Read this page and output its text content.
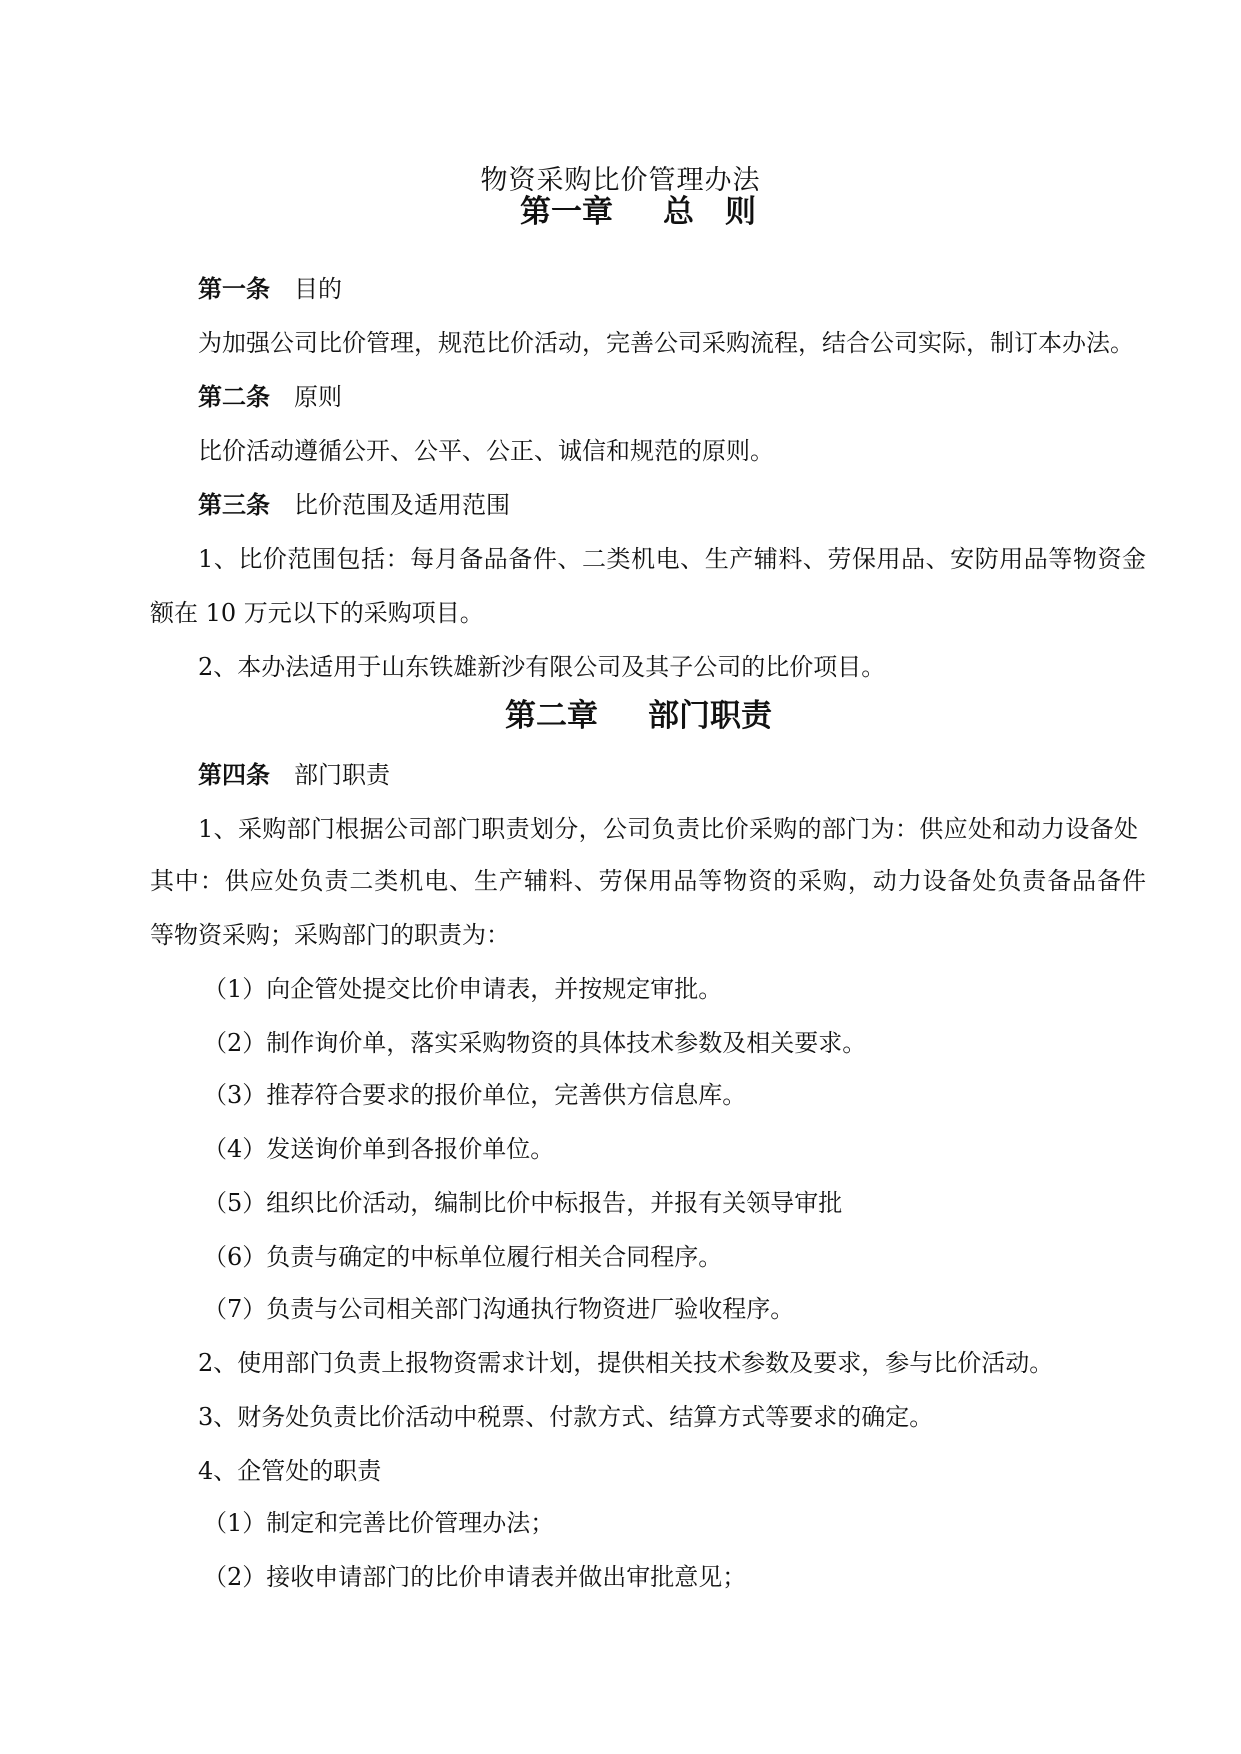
物资采购比价管理办法
第一章 总　则
第一条 目的
为加强公司比价管理，规范比价活动，完善公司采购流程，结合公司实际，制订本办法。
第二条 原则
比价活动遵循公开、公平、公正、诚信和规范的原则。
第三条 比价范围及适用范围
1、比价范围包括：每月备品备件、二类机电、生产辅料、劳保用品、安防用品等物资金
额在 10 万元以下的采购项目。
2、本办法适用于山东铁雄新沙有限公司及其子公司的比价项目。
第二章 部门职责
第四条 部门职责
1、采购部门根据公司部门职责划分，公司负责比价采购的部门为：供应处和动力设备处
其中：供应处负责二类机电、生产辅料、劳保用品等物资的采购，动力设备处负责备品备件
等物资采购；采购部门的职责为：
（1）向企管处提交比价申请表，并按规定审批。
（2）制作询价单，落实采购物资的具体技术参数及相关要求。
（3）推荐符合要求的报价单位，完善供方信息库。
（4）发送询价单到各报价单位。
（5）组织比价活动，编制比价中标报告，并报有关领导审批
（6）负责与确定的中标单位履行相关合同程序。
（7）负责与公司相关部门沟通执行物资进厂验收程序。
2、使用部门负责上报物资需求计划，提供相关技术参数及要求，参与比价活动。
3、财务处负责比价活动中税票、付款方式、结算方式等要求的确定。
4、企管处的职责
（1）制定和完善比价管理办法；
（2）接收申请部门的比价申请表并做出审批意见；
